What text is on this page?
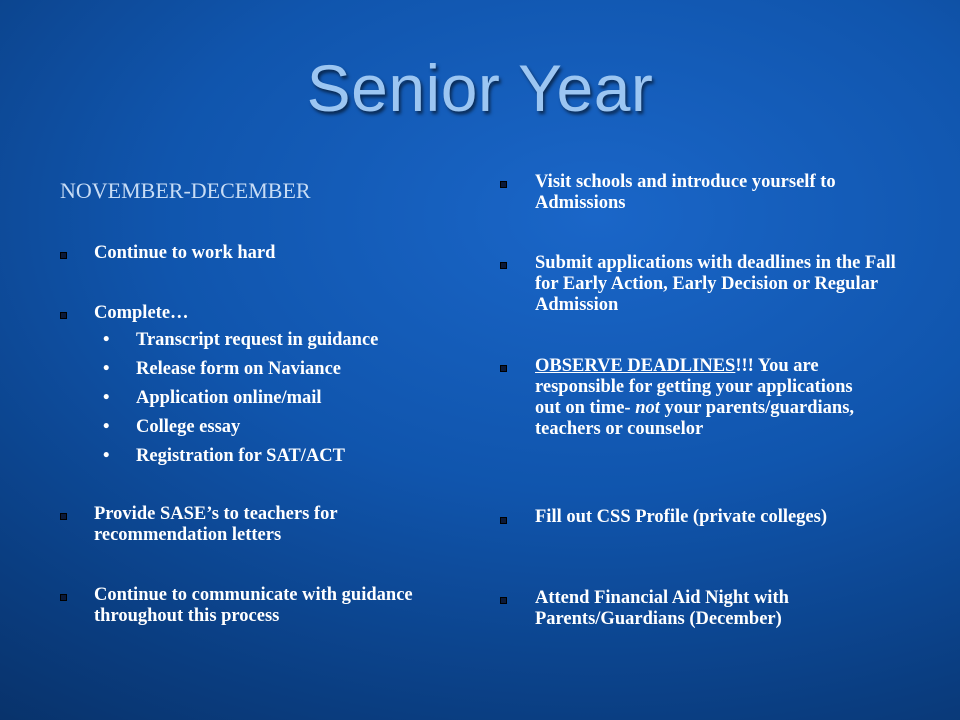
Senior Year
NOVEMBER-DECEMBER
Continue to work hard
Complete…
• Transcript request in guidance
• Release form on Naviance
• Application online/mail
• College essay
• Registration for SAT/ACT
Provide SASE’s to teachers for recommendation letters
Continue to communicate with guidance throughout this process
Visit schools and introduce yourself to Admissions
Submit applications with deadlines in the Fall for Early Action, Early Decision or Regular Admission
OBSERVE DEADLINES!!! You are responsible for getting your applications out on time- not your parents/guardians, teachers or counselor
Fill out CSS Profile (private colleges)
Attend Financial Aid Night with Parents/Guardians (December)
